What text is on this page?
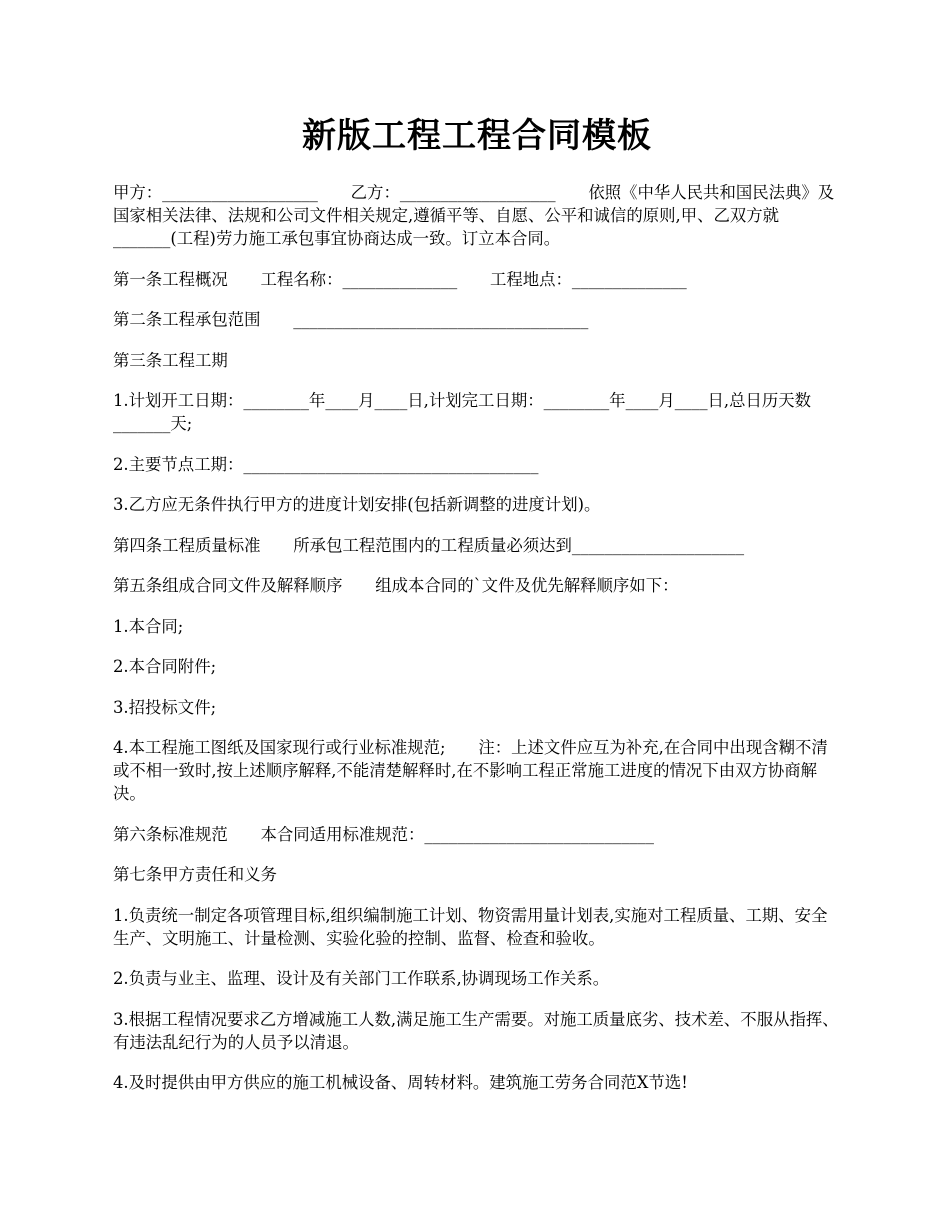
新版工程工程合同模板

甲方：___________________　　乙方：___________________　　依照《中华人民共和国民法典》及国家相关法律、法规和公司文件相关规定,遵循平等、自愿、公平和诚信的原则,甲、乙双方就_______(工程)劳力施工承包事宜协商达成一致。订立本合同。

第一条工程概况　　工程名称：______________　　工程地点：______________

第二条工程承包范围　　____________________________________

第三条工程工期

1.计划开工日期：________年____月____日,计划完工日期：________年____月____日,总日历天数_______天;

2.主要节点工期：____________________________________

3.乙方应无条件执行甲方的进度计划安排(包括新调整的进度计划)。

第四条工程质量标准　　所承包工程范围内的工程质量必须达到_____________________

第五条组成合同文件及解释顺序　　组成本合同的`文件及优先解释顺序如下：

1.本合同;

2.本合同附件;

3.招投标文件;

4.本工程施工图纸及国家现行或行业标准规范;　　注：上述文件应互为补充,在合同中出现含糊不清或不相一致时,按上述顺序解释,不能清楚解释时,在不影响工程正常施工进度的情况下由双方协商解决。

第六条标准规范　　本合同适用标准规范：____________________________

第七条甲方责任和义务

1.负责统一制定各项管理目标,组织编制施工计划、物资需用量计划表,实施对工程质量、工期、安全生产、文明施工、计量检测、实验化验的控制、监督、检查和验收。

2.负责与业主、监理、设计及有关部门工作联系,协调现场工作关系。

3.根据工程情况要求乙方增减施工人数,满足施工生产需要。对施工质量底劣、技术差、不服从指挥、有违法乱纪行为的人员予以清退。

4.及时提供由甲方供应的施工机械设备、周转材料。建筑施工劳务合同范X节选!
